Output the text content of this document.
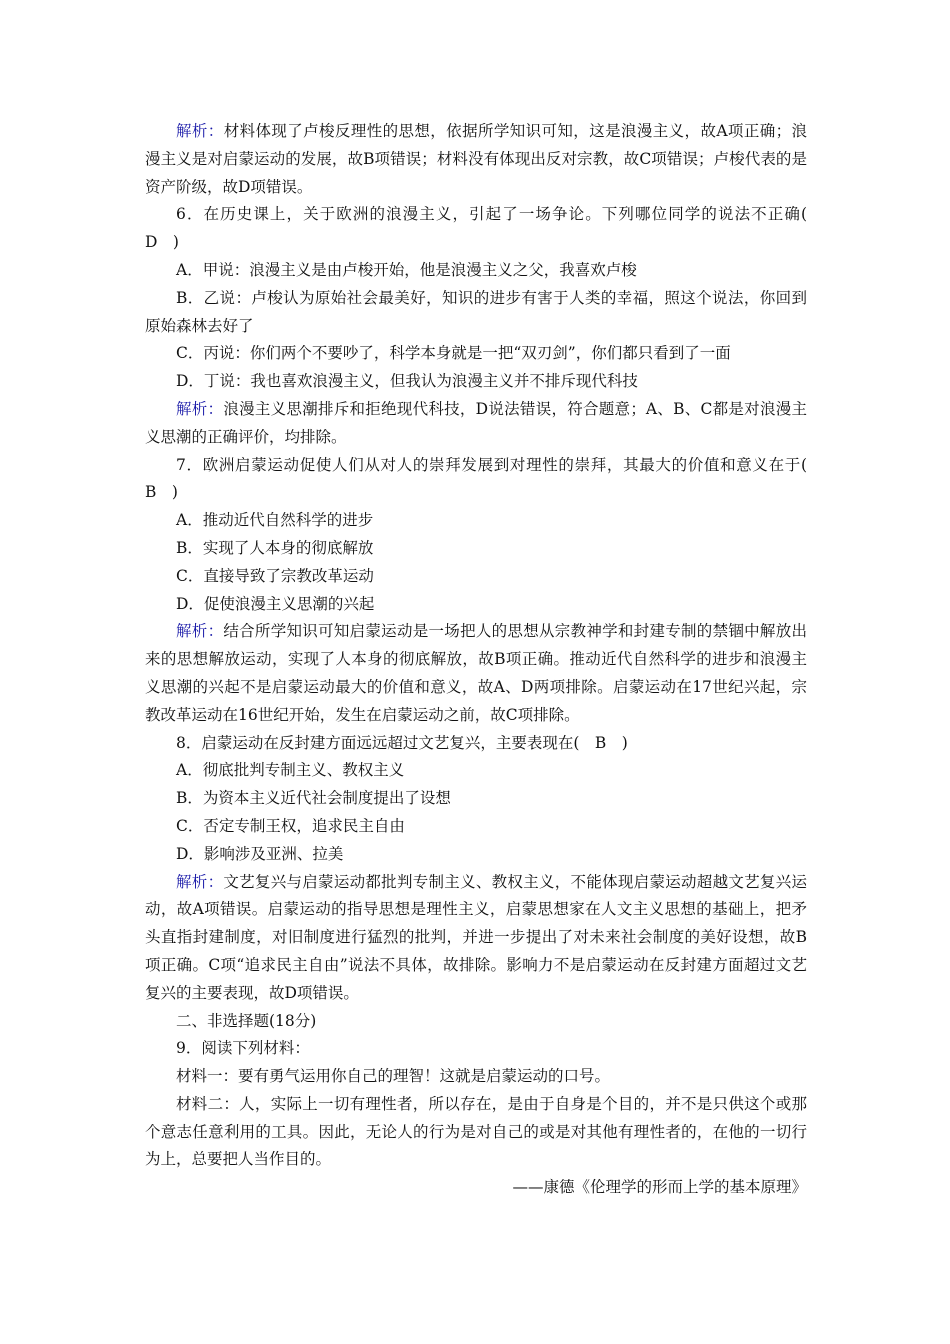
解析：材料体现了卢梭反理性的思想，依据所学知识可知，这是浪漫主义，故A项正确；浪漫主义是对启蒙运动的发展，故B项错误；材料没有体现出反对宗教，故C项错误；卢梭代表的是资产阶级，故D项错误。

6．在历史课上，关于欧洲的浪漫主义，引起了一场争论。下列哪位同学的说法不正确(　D　)

A．甲说：浪漫主义是由卢梭开始，他是浪漫主义之父，我喜欢卢梭

B．乙说：卢梭认为原始社会最美好，知识的进步有害于人类的幸福，照这个说法，你回到原始森林去好了

C．丙说：你们两个不要吵了，科学本身就是一把“双刃剑”，你们都只看到了一面

D．丁说：我也喜欢浪漫主义，但我认为浪漫主义并不排斥现代科技

解析：浪漫主义思潮排斥和拒绝现代科技，D说法错误，符合题意；A、B、C都是对浪漫主义思潮的正确评价，均排除。

7．欧洲启蒙运动促使人们从对人的崇拜发展到对理性的崇拜，其最大的价值和意义在于(　B　)

A．推动近代自然科学的进步

B．实现了人本身的彻底解放

C．直接导致了宗教改革运动

D．促使浪漫主义思潮的兴起

解析：结合所学知识可知启蒙运动是一场把人的思想从宗教神学和封建专制的禁锢中解放出来的思想解放运动，实现了人本身的彻底解放，故B项正确。推动近代自然科学的进步和浪漫主义思潮的兴起不是启蒙运动最大的价值和意义，故A、D两项排除。启蒙运动在17世纪兴起，宗教改革运动在16世纪开始，发生在启蒙运动之前，故C项排除。

8．启蒙运动在反封建方面远远超过文艺复兴，主要表现在(　B　)

A．彻底批判专制主义、教权主义

B．为资本主义近代社会制度提出了设想

C．否定专制王权，追求民主自由

D．影响涉及亚洲、拉美

解析：文艺复兴与启蒙运动都批判专制主义、教权主义，不能体现启蒙运动超越文艺复兴运动，故A项错误。启蒙运动的指导思想是理性主义，启蒙思想家在人文主义思想的基础上，把矛头直指封建制度，对旧制度进行猛烈的批判，并进一步提出了对未来社会制度的美好设想，故B项正确。C项“追求民主自由”说法不具体，故排除。影响力不是启蒙运动在反封建方面超过文艺复兴的主要表现，故D项错误。

二、非选择题(18分)

9．阅读下列材料：

材料一：要有勇气运用你自己的理智！这就是启蒙运动的口号。

材料二：人，实际上一切有理性者，所以存在，是由于自身是个目的，并不是只供这个或那个意志任意利用的工具。因此，无论人的行为是对自己的或是对其他有理性者的，在他的一切行为上，总要把人当作目的。

——康德《伦理学的形而上学的基本原理》
